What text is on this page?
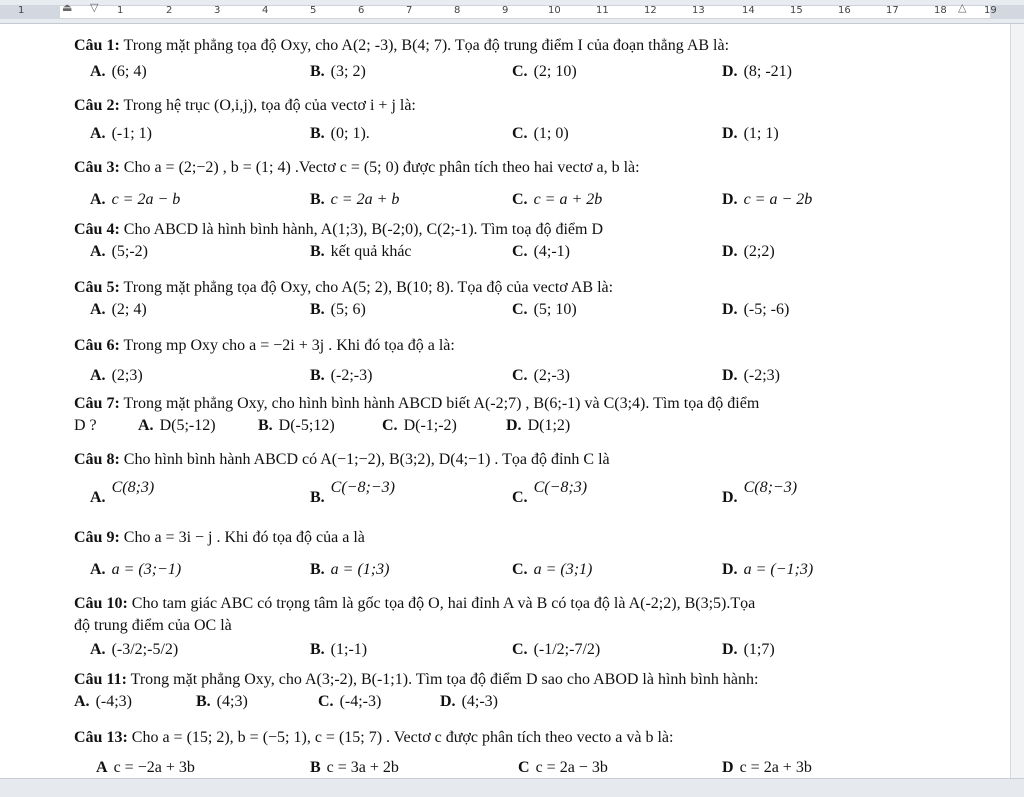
⏏ ▽	△
1	1	2	3	4	5	6	7	8	9	10	11	12	13	14	15	16	17	18	19
Câu 1: Trong mặt phẳng tọa độ Oxy, cho A(2; -3), B(4; 7). Tọa độ trung điểm I của đoạn thẳng AB là:
A. (6; 4)	B. (3; 2)	C. (2; 10)	D. (8; -21)
Câu 2: Trong hệ trục (O,i,j), tọa độ của vectơ i + j là:
A. (-1; 1)	B. (0; 1).	C. (1; 0)	D. (1; 1)
Câu 3: Cho a = (2;−2) , b = (1; 4) .Vectơ c = (5; 0) được phân tích theo hai vectơ a, b là:
A. c = 2a − b	B. c = 2a + b	C. c = a + 2b	D. c = a − 2b
Câu 4: Cho ABCD là hình bình hành, A(1;3), B(-2;0), C(2;-1). Tìm toạ độ điểm D
A. (5;-2)	B. kết quả khác	C. (4;-1)	D. (2;2)
Câu 5: Trong mặt phẳng tọa độ Oxy, cho A(5; 2), B(10; 8). Tọa độ của vectơ AB là:
A. (2; 4)	B. (5; 6)	C. (5; 10)	D. (-5; -6)
Câu 6: Trong mp Oxy cho a = −2i + 3j . Khi đó tọa độ a là:
A. (2;3)	B. (-2;-3)	C. (2;-3)	D. (-2;3)
Câu 7: Trong mặt phẳng Oxy, cho hình bình hành ABCD biết A(-2;7) , B(6;-1) và C(3;4). Tìm tọa độ điểm
D ?	A. D(5;-12)	B. D(-5;12)	C. D(-1;-2)	D. D(1;2)
Câu 8: Cho hình bình hành ABCD có A(−1;−2), B(3;2), D(4;−1) . Tọa độ đỉnh C là
A.C(8;3)
B.C(−8;−3)
C.C(−8;3)
D.C(8;−3)
Câu 9: Cho a = 3i − j . Khi đó tọa độ của a là
A. a = (3;−1)	B. a = (1;3)	C. a = (3;1)	D. a = (−1;3)
Câu 10: Cho tam giác ABC có trọng tâm là gốc tọa độ O, hai đỉnh A và B có tọa độ là A(-2;2), B(3;5).Tọa
độ trung điểm của OC là
A. (-3/2;-5/2)	B. (1;-1)	C. (-1/2;-7/2)	D. (1;7)
Câu 11: Trong mặt phẳng Oxy, cho A(3;-2), B(-1;1). Tìm tọa độ điểm D sao cho ABOD là hình bình hành:
A. (-4;3)	B. (4;3)	C. (-4;-3)	D. (4;-3)
Câu 13: Cho a = (15; 2), b = (−5; 1), c = (15; 7) . Vectơ c được phân tích theo vecto a và b là:
A c = −2a + 3b	B c = 3a + 2b	C c = 2a − 3b	D c = 2a + 3b
